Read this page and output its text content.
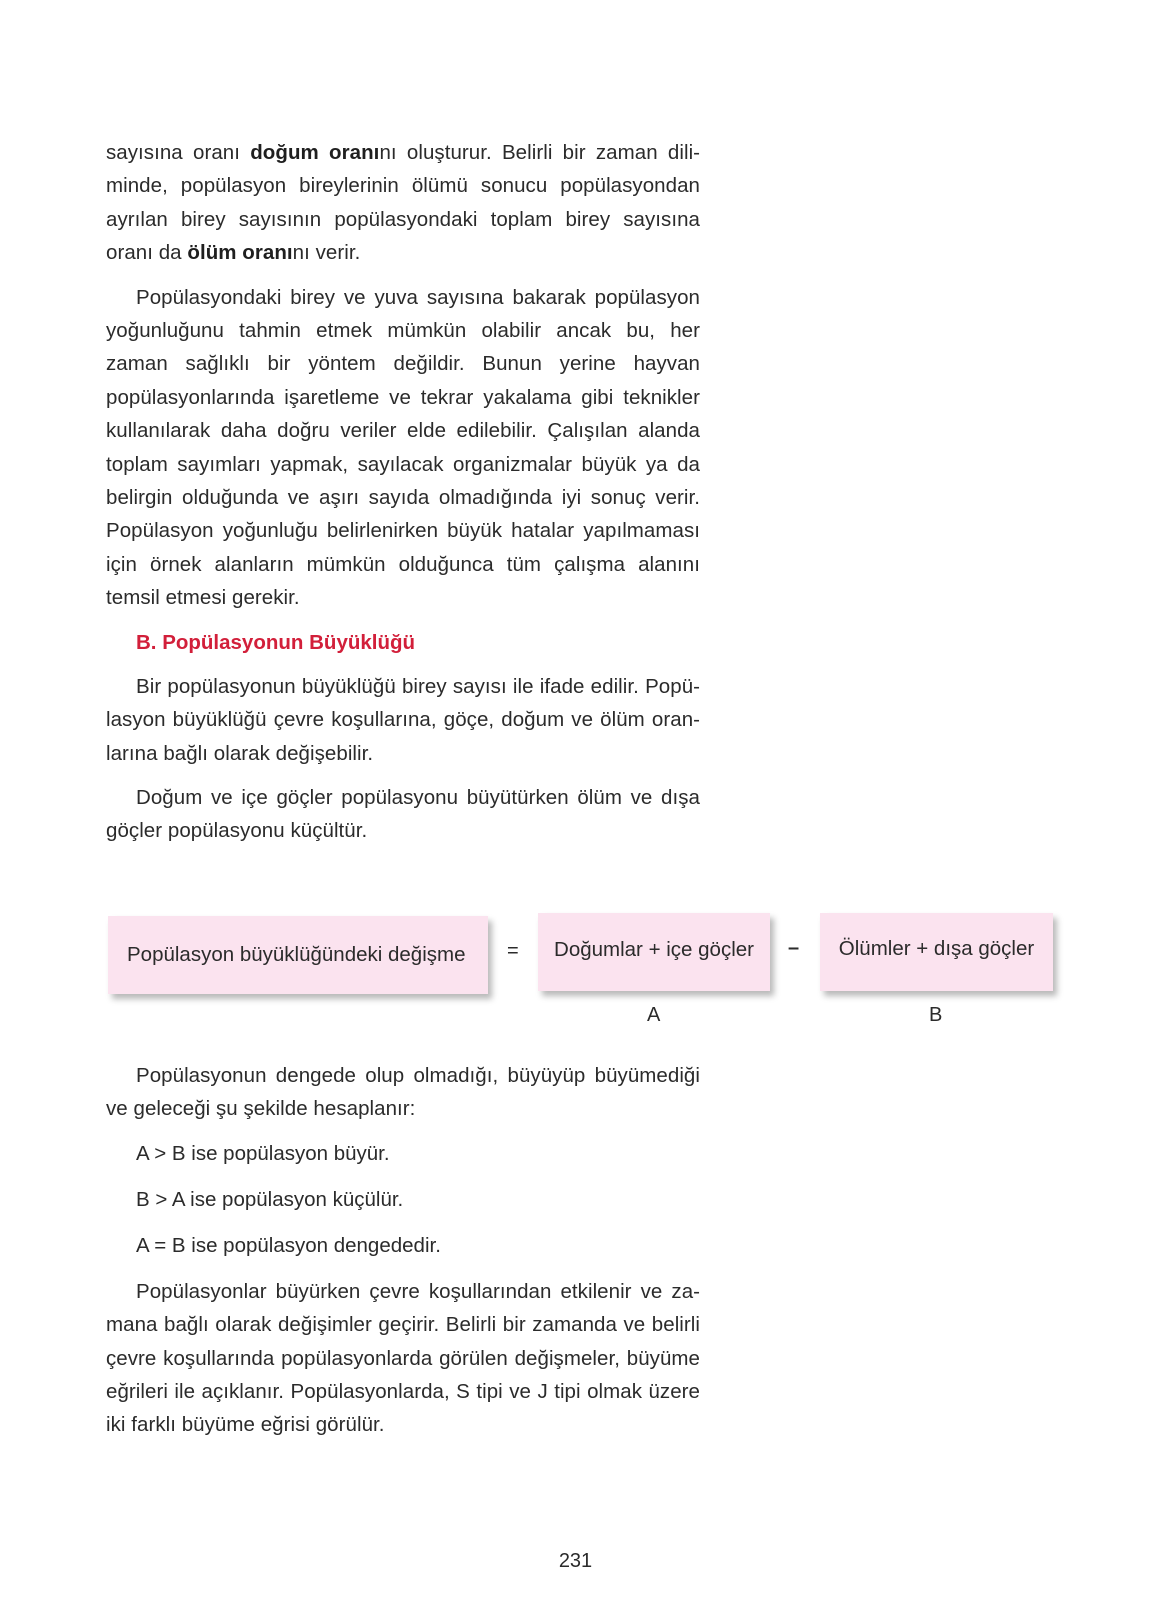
sayısına oranı doğum oranını oluşturur. Belirli bir zaman diliminde, popülasyon bireylerinin ölümü sonucu popülasyondan ayrılan birey sayısının popülasyondaki toplam birey sayısına oranı da ölüm oranını verir.

Popülasyondaki birey ve yuva sayısına bakarak popülasyon yoğunluğunu tahmin etmek mümkün olabilir ancak bu, her zaman sağlıklı bir yöntem değildir. Bunun yerine hayvan popülasyonlarında işaretleme ve tekrar yakalama gibi teknikler kullanılarak daha doğru veriler elde edilebilir. Çalışılan alanda toplam sayımları yapmak, sayılacak organizmalar büyük ya da belirgin olduğunda ve aşırı sayıda olmadığında iyi sonuç verir. Popülasyon yoğunluğu belirlenirken büyük hatalar yapılmaması için örnek alanların mümkün olduğunca tüm çalışma alanını temsil etmesi gerekir.

B. Popülasyonun Büyüklüğü

Bir popülasyonun büyüklüğü birey sayısı ile ifade edilir. Popülasyon büyüklüğü çevre koşullarına, göçe, doğum ve ölüm oranlarına bağlı olarak değişebilir.

Doğum ve içe göçler popülasyonu büyütürken ölüm ve dışa göçler popülasyonu küçültür.

Popülasyon büyüklüğündeki değişme = Doğumlar + içe göçler – Ölümler + dışa göçler
A	B

Popülasyonun dengede olup olmadığı, büyüyüp büyümediği ve geleceği şu şekilde hesaplanır:

A > B ise popülasyon büyür.
B > A ise popülasyon küçülür.
A = B ise popülasyon dengededir.

Popülasyonlar büyürken çevre koşullarından etkilenir ve zamana bağlı olarak değişimler geçirir. Belirli bir zamanda ve belirli çevre koşullarında popülasyonlarda görülen değişmeler, büyüme eğrileri ile açıklanır. Popülasyonlarda, S tipi ve J tipi olmak üzere iki farklı büyüme eğrisi görülür.

231
